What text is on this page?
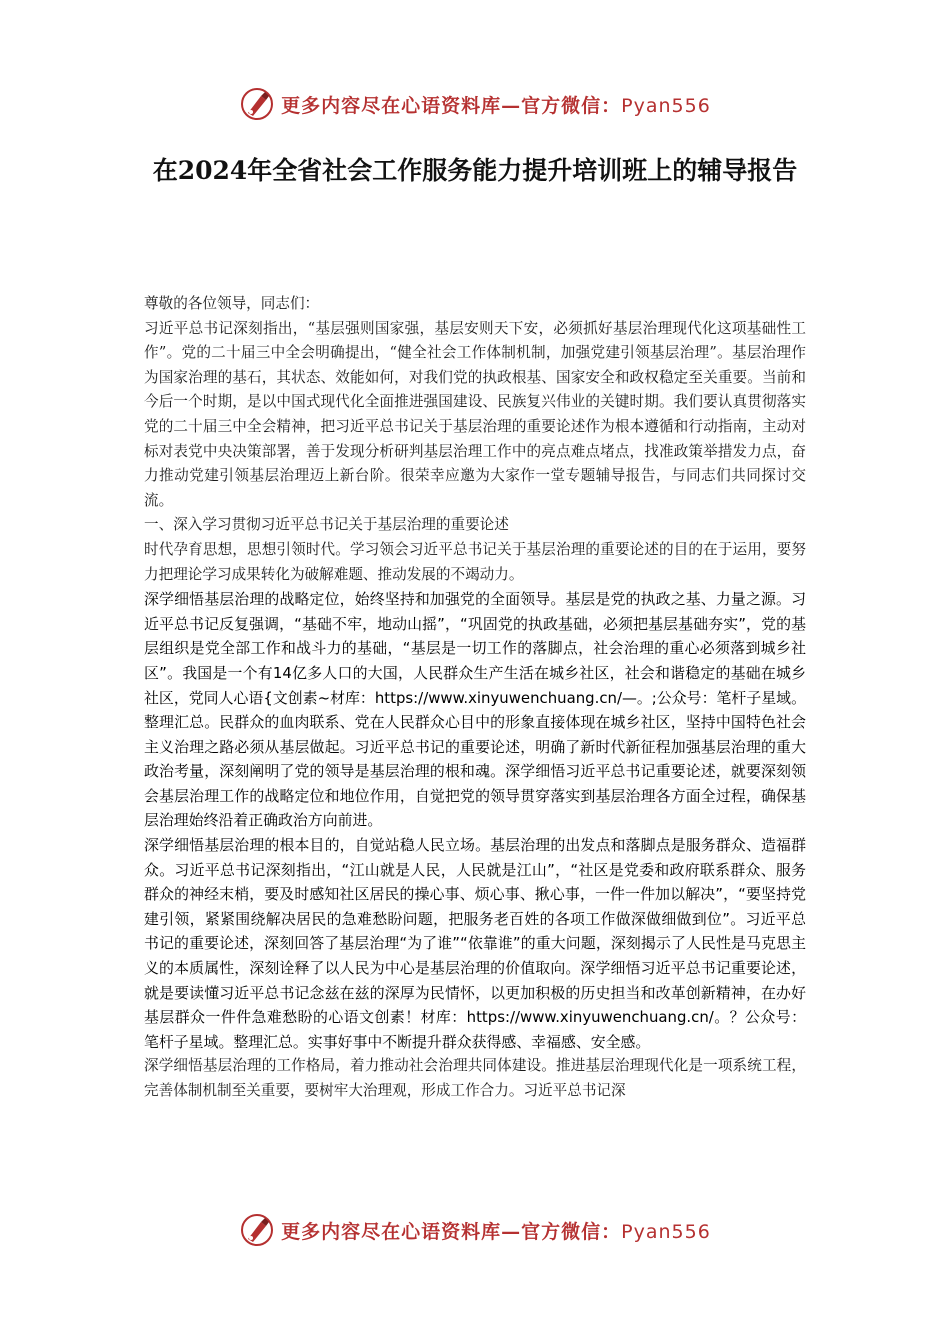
更多内容尽在心语资料库—官方微信：Pyan556
在2024年全省社会工作服务能力提升培训班上的辅导报告

尊敬的各位领导，同志们：

习近平总书记深刻指出，“基层强则国家强，基层安则天下安，必须抓好基层治理现代化这项基础性工作”。党的二十届三中全会明确提出，“健全社会工作体制机制，加强党建引领基层治理”。基层治理作为国家治理的基石，其状态、效能如何，对我们党的执政根基、国家安全和政权稳定至关重要。当前和今后一个时期，是以中国式现代化全面推进强国建设、民族复兴伟业的关键时期。我们要认真贯彻落实党的二十届三中全会精神，把习近平总书记关于基层治理的重要论述作为根本遵循和行动指南，主动对标对表党中央决策部署，善于发现分析研判基层治理工作中的亮点难点堵点，找准政策举措发力点，奋力推动党建引领基层治理迈上新台阶。很荣幸应邀为大家作一堂专题辅导报告，与同志们共同探讨交流。

一、深入学习贯彻习近平总书记关于基层治理的重要论述

时代孕育思想，思想引领时代。学习领会习近平总书记关于基层治理的重要论述的目的在于运用，要努力把理论学习成果转化为破解难题、推动发展的不竭动力。

深学细悟基层治理的战略定位，始终坚持和加强党的全面领导。基层是党的执政之基、力量之源。习近平总书记反复强调，“基础不牢，地动山摇”，“巩固党的执政基础，必须把基层基础夯实”，党的基层组织是党全部工作和战斗力的基础，“基层是一切工作的落脚点，社会治理的重心必须落到城乡社区”。我国是一个有14亿多人口的大国，人民群众生产生活在城乡社区，社会和谐稳定的基础在城乡社区，党同人心语{文创素~材库：https://www.xinyuwenchuang.cn/—。;公众号：笔杆子星域。整理汇总。民群众的血肉联系、党在人民群众心目中的形象直接体现在城乡社区，坚持中国特色社会主义治理之路必须从基层做起。习近平总书记的重要论述，明确了新时代新征程加强基层治理的重大政治考量，深刻阐明了党的领导是基层治理的根和魂。深学细悟习近平总书记重要论述，就要深刻领会基层治理工作的战略定位和地位作用，自觉把党的领导贯穿落实到基层治理各方面全过程，确保基层治理始终沿着正确政治方向前进。

深学细悟基层治理的根本目的，自觉站稳人民立场。基层治理的出发点和落脚点是服务群众、造福群众。习近平总书记深刻指出，“江山就是人民，人民就是江山”，“社区是党委和政府联系群众、服务群众的神经末梢，要及时感知社区居民的操心事、烦心事、揪心事，一件一件加以解决”，“要坚持党建引领，紧紧围绕解决居民的急难愁盼问题，把服务老百姓的各项工作做深做细做到位”。习近平总书记的重要论述，深刻回答了基层治理“为了谁”“依靠谁”的重大问题，深刻揭示了人民性是马克思主义的本质属性，深刻诠释了以人民为中心是基层治理的价值取向。深学细悟习近平总书记重要论述，就是要读懂习近平总书记念兹在兹的深厚为民情怀，以更加积极的历史担当和改革创新精神，在办好基层群众一件件急难愁盼的心语文创素！材库：https://www.xinyuwenchuang.cn/。？公众号：笔杆子星域。整理汇总。实事好事中不断提升群众获得感、幸福感、安全感。

深学细悟基层治理的工作格局，着力推动社会治理共同体建设。推进基层治理现代化是一项系统工程，完善体制机制至关重要，要树牢大治理观，形成工作合力。习近平总书记深

更多内容尽在心语资料库—官方微信：Pyan556
